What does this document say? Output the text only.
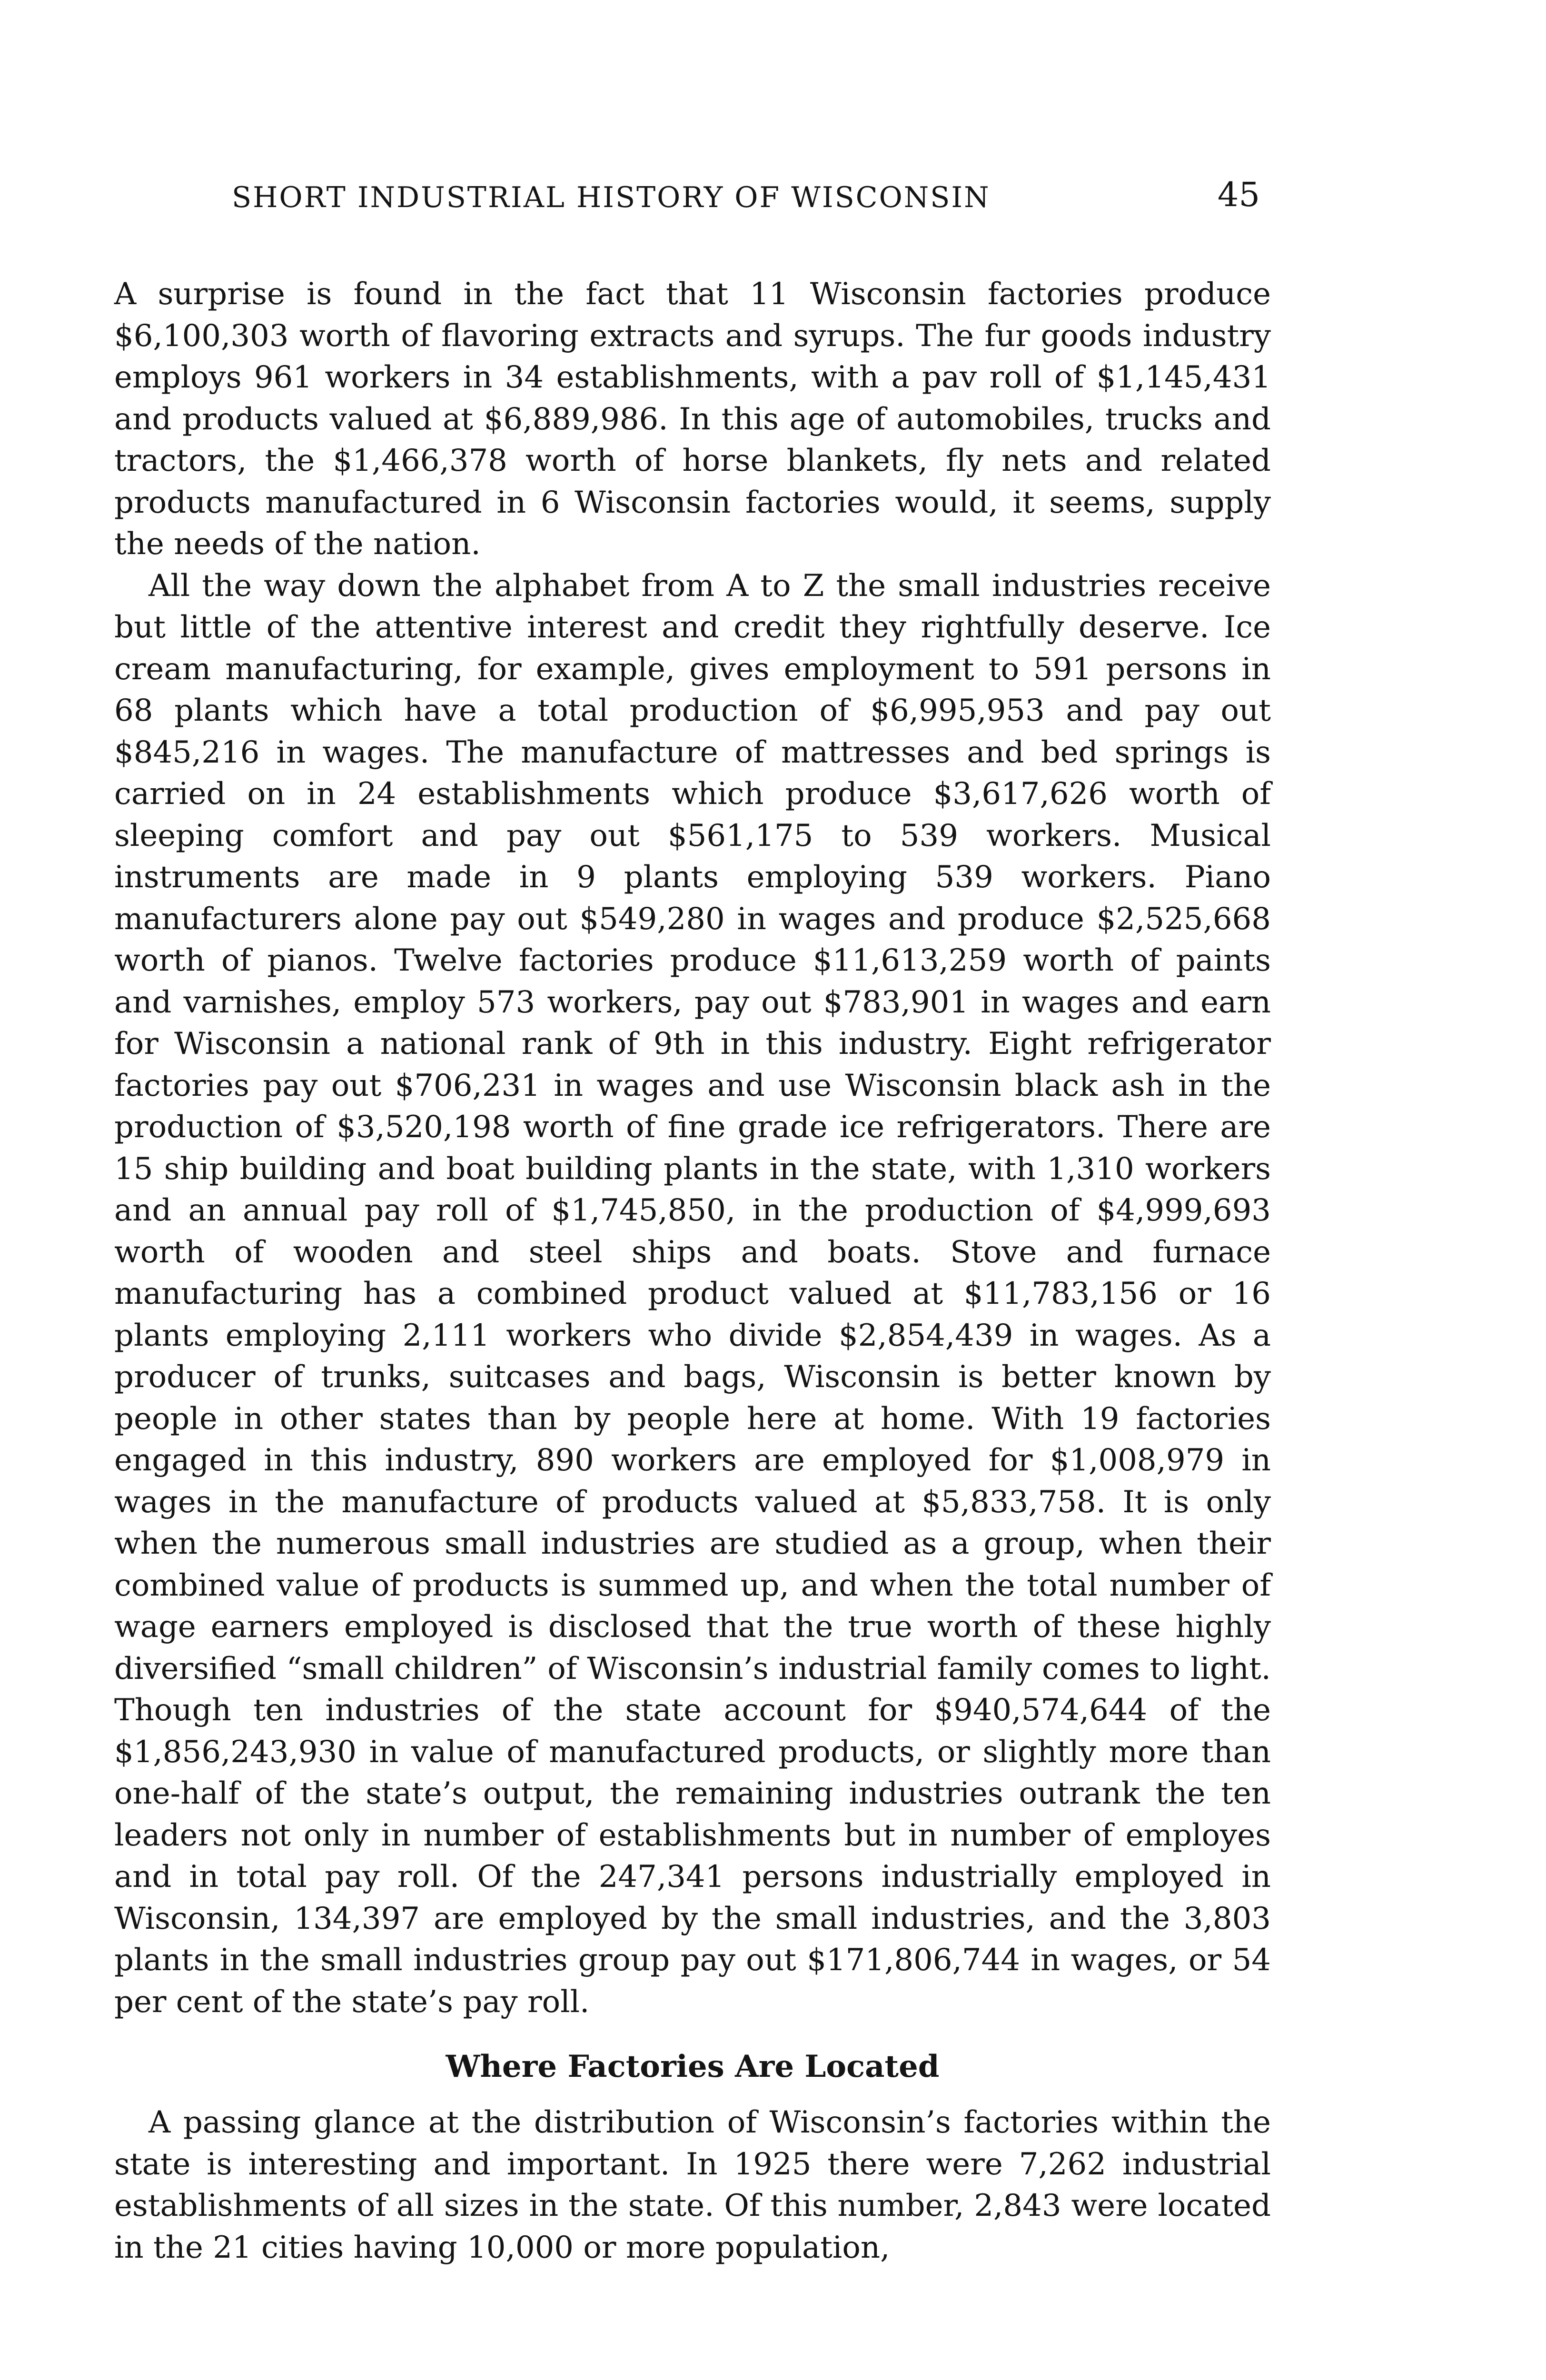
SHORT INDUSTRIAL HISTORY OF WISCONSIN	45

A surprise is found in the fact that 11 Wisconsin factories produce $6,100,303 worth of flavoring extracts and syrups. The fur goods industry employs 961 workers in 34 establishments, with a pav roll of $1,145,431 and products valued at $6,889,986. In this age of automobiles, trucks and tractors, the $1,466,378 worth of horse blankets, fly nets and related products manufactured in 6 Wisconsin factories would, it seems, supply the needs of the nation.

All the way down the alphabet from A to Z the small industries receive but little of the attentive interest and credit they rightfully deserve. Ice cream manufacturing, for example, gives employment to 591 persons in 68 plants which have a total production of $6,995,953 and pay out $845,216 in wages. The manufacture of mattresses and bed springs is carried on in 24 establishments which produce $3,617,626 worth of sleeping comfort and pay out $561,175 to 539 workers. Musical instruments are made in 9 plants employing 539 workers. Piano manufacturers alone pay out $549,280 in wages and produce $2,525,668 worth of pianos. Twelve factories produce $11,613,259 worth of paints and varnishes, employ 573 workers, pay out $783,901 in wages and earn for Wisconsin a national rank of 9th in this industry. Eight refrigerator factories pay out $706,231 in wages and use Wisconsin black ash in the production of $3,520,198 worth of fine grade ice refrigerators. There are 15 ship building and boat building plants in the state, with 1,310 workers and an annual pay roll of $1,745,850, in the production of $4,999,693 worth of wooden and steel ships and boats. Stove and furnace manufacturing has a combined product valued at $11,783,156 or 16 plants employing 2,111 workers who divide $2,854,439 in wages. As a producer of trunks, suitcases and bags, Wisconsin is better known by people in other states than by people here at home. With 19 factories engaged in this industry, 890 workers are employed for $1,008,979 in wages in the manufacture of products valued at $5,833,758. It is only when the numerous small industries are studied as a group, when their combined value of products is summed up, and when the total number of wage earners employed is disclosed that the true worth of these highly diversified “small children” of Wisconsin’s industrial family comes to light. Though ten industries of the state account for $940,574,644 of the $1,856,243,930 in value of manufactured products, or slightly more than one-half of the state’s output, the remaining industries outrank the ten leaders not only in number of establishments but in number of employes and in total pay roll. Of the 247,341 persons industrially employed in Wisconsin, 134,397 are employed by the small industries, and the 3,803 plants in the small industries group pay out $171,806,744 in wages, or 54 per cent of the state’s pay roll.

Where Factories Are Located

A passing glance at the distribution of Wisconsin’s factories within the state is interesting and important. In 1925 there were 7,262 industrial establishments of all sizes in the state. Of this number, 2,843 were located in the 21 cities having 10,000 or more population,
